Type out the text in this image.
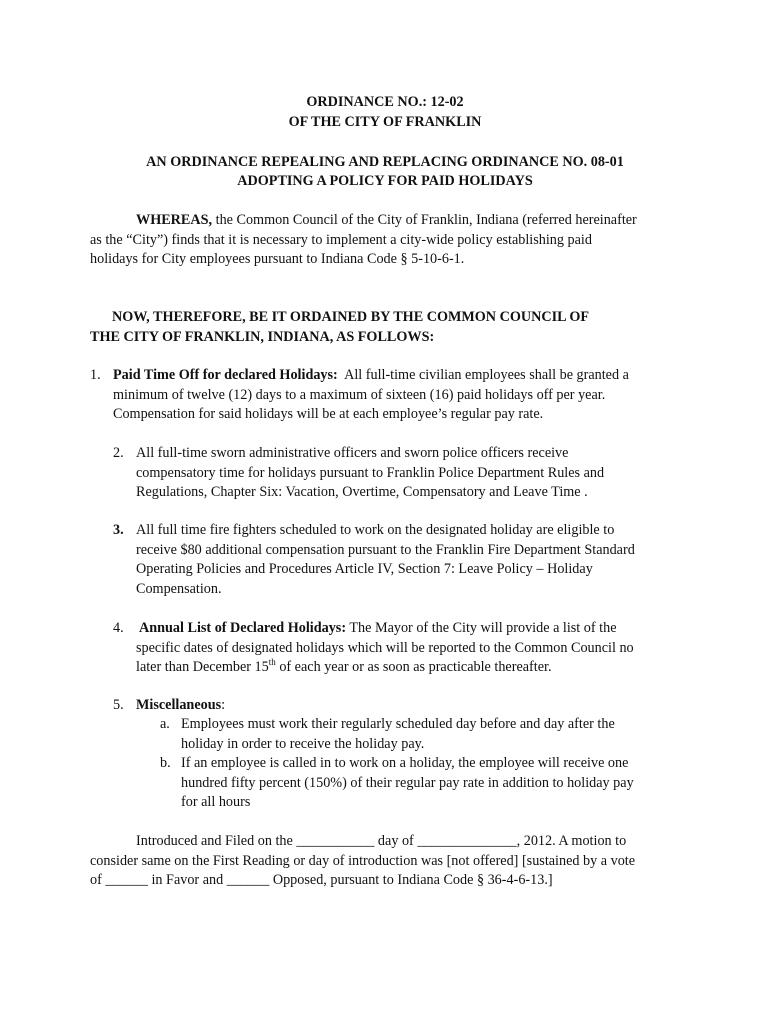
ORDINANCE NO.: 12-02
OF THE CITY OF FRANKLIN
AN ORDINANCE REPEALING AND REPLACING ORDINANCE NO. 08-01
ADOPTING A POLICY FOR PAID HOLIDAYS
WHEREAS, the Common Council of the City of Franklin, Indiana (referred hereinafter
as the “City”) finds that it is necessary to implement a city-wide policy establishing paid
holidays for City employees pursuant to Indiana Code § 5-10-6-1.
NOW, THEREFORE, BE IT ORDAINED BY THE COMMON COUNCIL OF
THE CITY OF FRANKLIN, INDIANA, AS FOLLOWS:
1. Paid Time Off for declared Holidays:  All full-time civilian employees shall be granted a
minimum of twelve (12) days to a maximum of sixteen (16) paid holidays off per year.
Compensation for said holidays will be at each employee’s regular pay rate.
2. All full-time sworn administrative officers and sworn police officers receive
compensatory time for holidays pursuant to Franklin Police Department Rules and
Regulations, Chapter Six: Vacation, Overtime, Compensatory and Leave Time .
3. All full time fire fighters scheduled to work on the designated holiday are eligible to
receive $80 additional compensation pursuant to the Franklin Fire Department Standard
Operating Policies and Procedures Article IV, Section 7: Leave Policy – Holiday
Compensation.
4. Annual List of Declared Holidays: The Mayor of the City will provide a list of the
specific dates of designated holidays which will be reported to the Common Council no
later than December 15th of each year or as soon as practicable thereafter.
5. Miscellaneous:
a. Employees must work their regularly scheduled day before and day after the
holiday in order to receive the holiday pay.
b. If an employee is called in to work on a holiday, the employee will receive one
hundred fifty percent (150%) of their regular pay rate in addition to holiday pay
for all hours
Introduced and Filed on the ___________ day of ______________, 2012. A motion to
consider same on the First Reading or day of introduction was [not offered] [sustained by a vote
of ______ in Favor and ______ Opposed, pursuant to Indiana Code § 36-4-6-13.]
